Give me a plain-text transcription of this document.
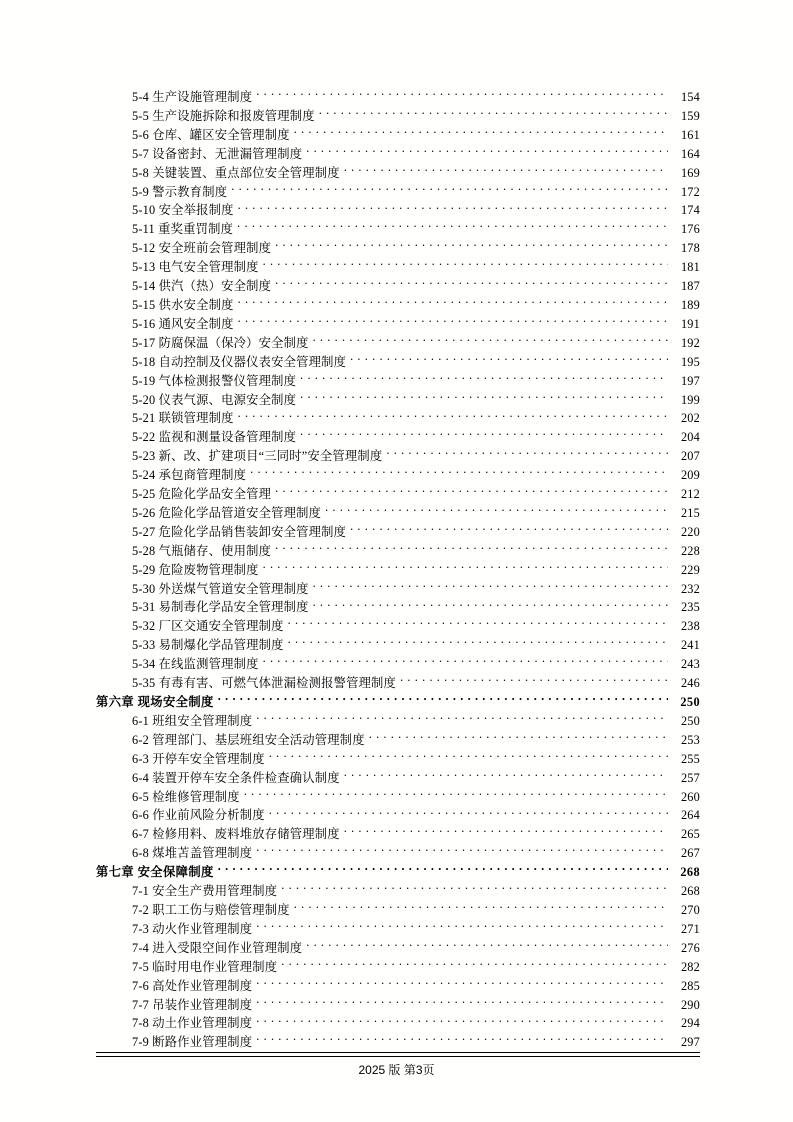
5-4 生产设施管理制度 . . .	154
5-5 生产设施拆除和报废管理制度 . . .	159
5-6 仓库、罐区安全管理制度 . . .	161
5-7 设备密封、无泄漏管理制度 . . .	164
5-8 关键装置、重点部位安全管理制度 . . .	169
5-9 警示教育制度 . . .	172
5-10 安全举报制度 . . .	174
5-11 重奖重罚制度 . . .	176
5-12 安全班前会管理制度 . . .	178
5-13 电气安全管理制度 . . .	181
5-14 供汽（热）安全制度 . . .	187
5-15 供水安全制度 . . .	189
5-16 通风安全制度 . . .	191
5-17 防腐保温（保冷）安全制度 . . .	192
5-18 自动控制及仪器仪表安全管理制度 . . .	195
5-19 气体检测报警仪管理制度 . . .	197
5-20 仪表气源、电源安全制度 . . .	199
5-21 联锁管理制度 . . .	202
5-22 监视和测量设备管理制度 . . .	204
5-23 新、改、扩建项目“三同时”安全管理制度 . . .	207
5-24 承包商管理制度 . . .	209
5-25 危险化学品安全管理 . . .	212
5-26 危险化学品管道安全管理制度 . . .	215
5-27 危险化学品销售装卸安全管理制度 . . .	220
5-28 气瓶储存、使用制度 . . .	228
5-29 危险废物管理制度 . . .	229
5-30 外送煤气管道安全管理制度 . . .	232
5-31 易制毒化学品安全管理制度 . . .	235
5-32 厂区交通安全管理制度 . . .	238
5-33 易制爆化学品管理制度 . . .	241
5-34 在线监测管理制度 . . .	243
5-35 有毒有害、可燃气体泄漏检测报警管理制度 . . .	246
第六章 现场安全制度 . . .	250
6-1 班组安全管理制度 . . .	250
6-2 管理部门、基层班组安全活动管理制度 . . .	253
6-3 开停车安全管理制度 . . .	255
6-4 装置开停车安全条件检查确认制度 . . .	257
6-5 检维修管理制度 . . .	260
6-6 作业前风险分析制度 . . .	264
6-7 检修用料、废料堆放存储管理制度 . . .	265
6-8 煤堆苫盖管理制度 . . .	267
第七章 安全保障制度 . . .	268
7-1 安全生产费用管理制度 . . .	268
7-2 职工工伤与赔偿管理制度 . . .	270
7-3 动火作业管理制度 . . .	271
7-4 进入受限空间作业管理制度 . . .	276
7-5 临时用电作业管理制度 . . .	282
7-6 高处作业管理制度 . . .	285
7-7 吊装作业管理制度 . . .	290
7-8 动土作业管理制度 . . .	294
7-9 断路作业管理制度 . . .	297
2025 版 第3页
